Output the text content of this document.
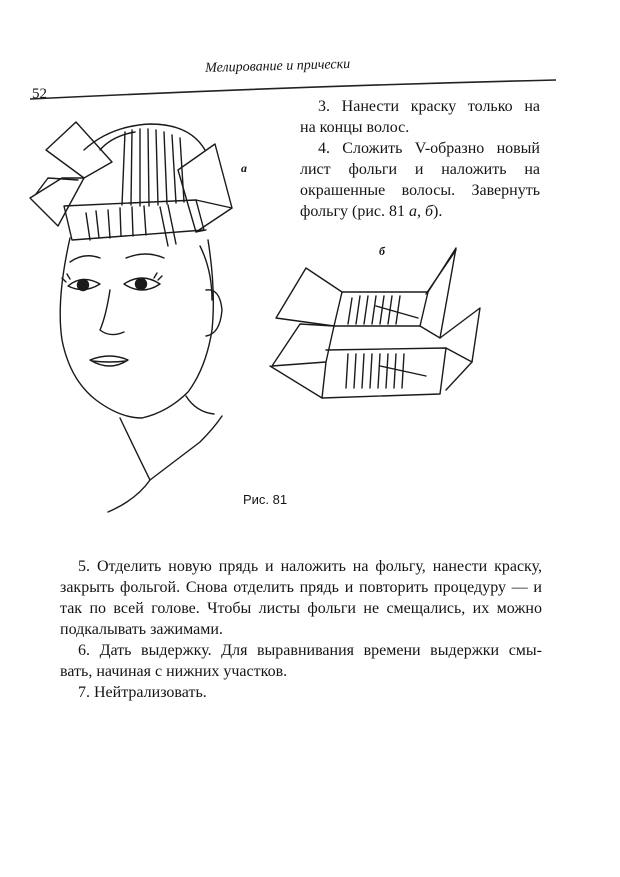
Мелирование и прически
52

3. Нанести краску только на
на концы волос.

4. Сложить V-образно новый
лист фольги и наложить на
окрашенные волосы. Завернуть
фольгу (рис. 81 а, б).

а
б
Рис. 81

5. Отделить новую прядь и наложить на фольгу, нанести краску,
закрыть фольгой. Снова отделить прядь и повторить процедуру — и
так по всей голове. Чтобы листы фольги не смещались, их можно
подкалывать зажимами.

6. Дать выдержку. Для выравнивания времени выдержки смы-
вать, начиная с нижних участков.

7. Нейтрализовать.
